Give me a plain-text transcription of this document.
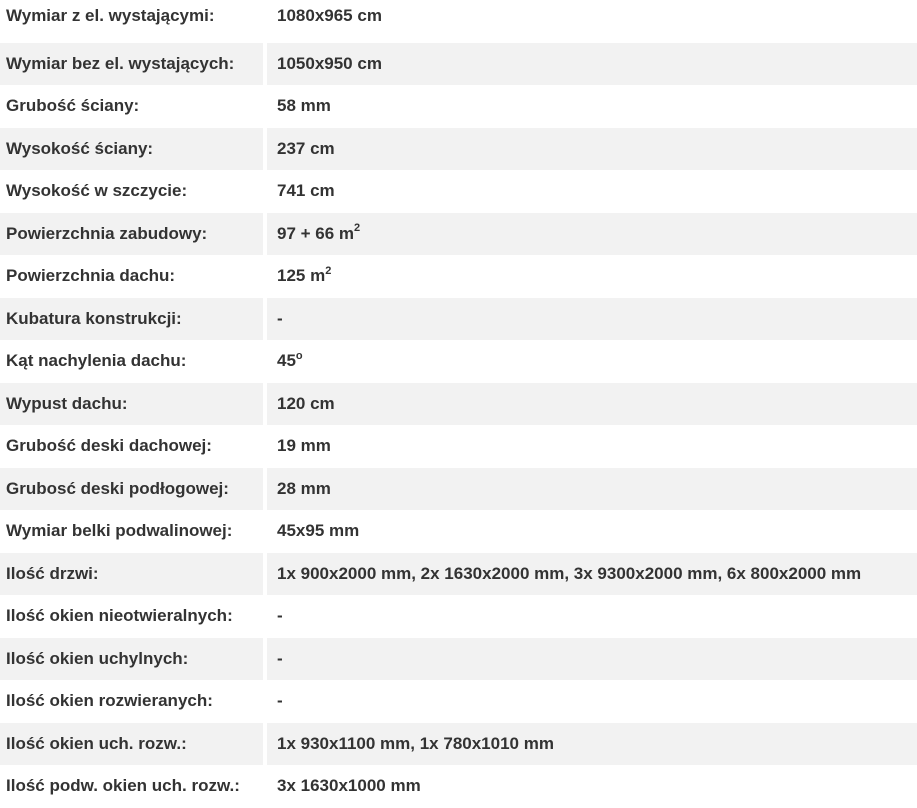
Wymiar z el. wystającymi:	1080x965 cm
Wymiar bez el. wystających:	1050x950 cm
Grubość ściany:	58 mm
Wysokość ściany:	237 cm
Wysokość w szczycie:	741 cm
Powierzchnia zabudowy:	97 + 66 $m^2$
Powierzchnia dachu:	125 $m^2$
Kubatura konstrukcji:	-
Kąt nachylenia dachu:	45$^o$
Wypust dachu:	120 cm
Grubość deski dachowej:	19 mm
Grubosć deski podłogowej:	28 mm
Wymiar belki podwalinowej:	45x95 mm
Ilość drzwi:	1x 900x2000 mm, 2x 1630x2000 mm, 3x 9300x2000 mm, 6x 800x2000 mm
Ilość okien nieotwieralnych:	-
Ilość okien uchylnych:	-
Ilość okien rozwieranych:	-
Ilość okien uch. rozw.:	1x 930x1100 mm, 1x 780x1010 mm
Ilość podw. okien uch. rozw.:	3x 1630x1000 mm
